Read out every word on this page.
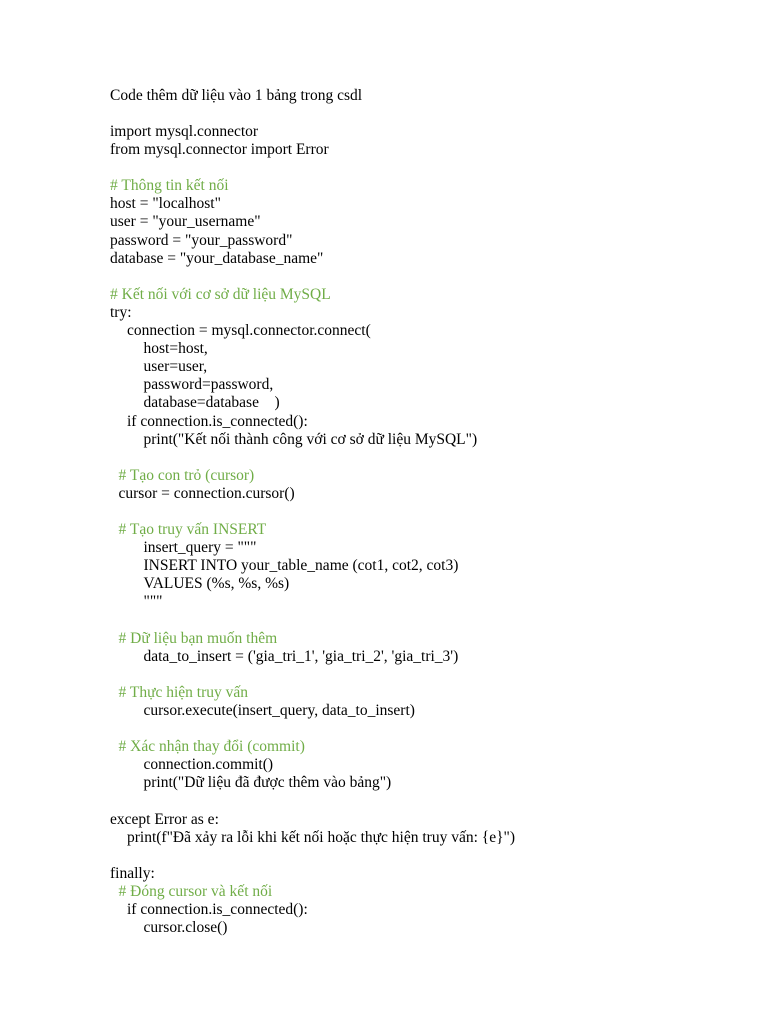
Code thêm dữ liệu vào 1 bảng trong csdl
import mysql.connector
from mysql.connector import Error
# Thông tin kết nối
host = "localhost"
user = "your_username"
password = "your_password"
database = "your_database_name"
# Kết nối với cơ sở dữ liệu MySQL
try:
connection = mysql.connector.connect(
host=host,
user=user,
password=password,
database=database    )
if connection.is_connected():
print("Kết nối thành công với cơ sở dữ liệu MySQL")
# Tạo con trỏ (cursor)
cursor = connection.cursor()
# Tạo truy vấn INSERT
insert_query = """
INSERT INTO your_table_name (cot1, cot2, cot3)
VALUES (%s, %s, %s)
"""
# Dữ liệu bạn muốn thêm
data_to_insert = ('gia_tri_1', 'gia_tri_2', 'gia_tri_3')
# Thực hiện truy vấn
cursor.execute(insert_query, data_to_insert)
# Xác nhận thay đổi (commit)
connection.commit()
print("Dữ liệu đã được thêm vào bảng")
except Error as e:
print(f"Đã xảy ra lỗi khi kết nối hoặc thực hiện truy vấn: {e}")
finally:
# Đóng cursor và kết nối
if connection.is_connected():
cursor.close()
